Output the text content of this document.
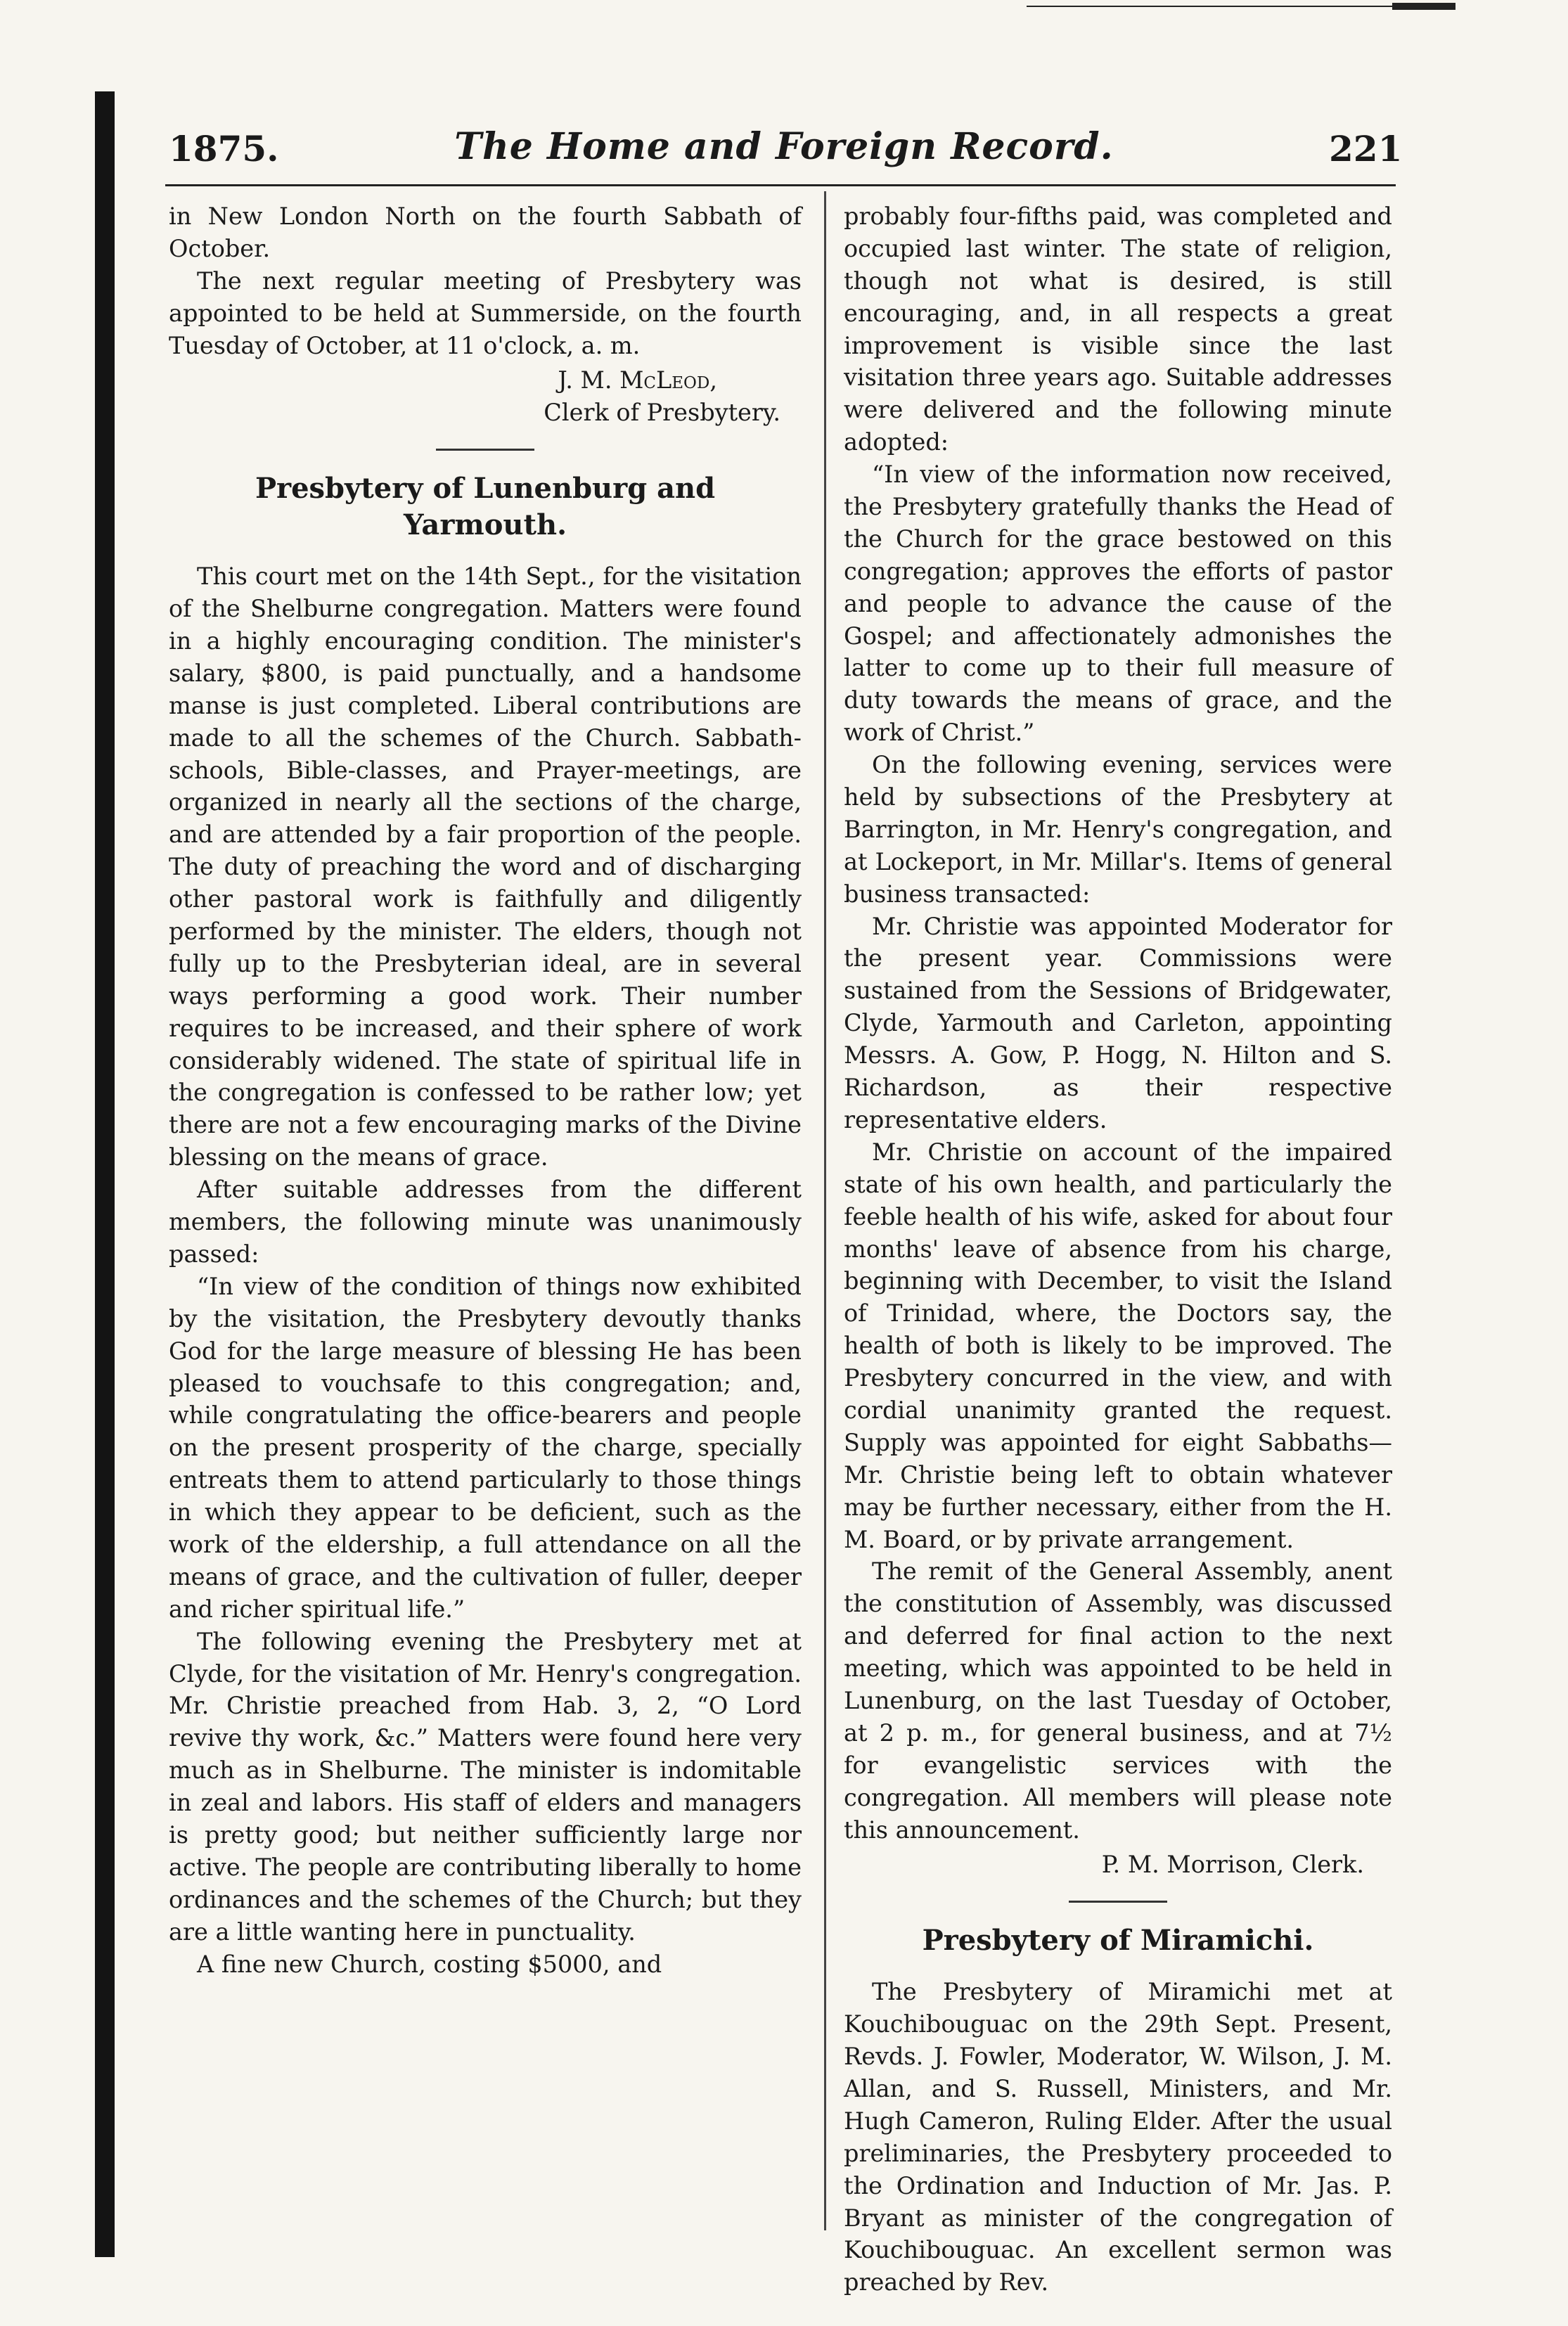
1875.	The Home and Foreign Record.	221

in New London North on the fourth Sabbath of October.

The next regular meeting of Presbytery was appointed to be held at Summerside, on the fourth Tuesday of October, at 11 o'clock, a. m.

J. M. McLeod,
Clerk of Presbytery.
Presbytery of Lunenburg and Yarmouth.

This court met on the 14th Sept., for the visitation of the Shelburne congregation. Matters were found in a highly encouraging condition. The minister's salary, $800, is paid punctually, and a handsome manse is just completed. Liberal contributions are made to all the schemes of the Church. Sabbath-schools, Bible-classes, and Prayer-meetings, are organized in nearly all the sections of the charge, and are attended by a fair proportion of the people. The duty of preaching the word and of discharging other pastoral work is faithfully and diligently performed by the minister. The elders, though not fully up to the Presbyterian ideal, are in several ways performing a good work. Their number requires to be increased, and their sphere of work considerably widened. The state of spiritual life in the congregation is confessed to be rather low; yet there are not a few encouraging marks of the Divine blessing on the means of grace.

After suitable addresses from the different members, the following minute was unanimously passed:

“In view of the condition of things now exhibited by the visitation, the Presbytery devoutly thanks God for the large measure of blessing He has been pleased to vouchsafe to this congregation; and, while congratulating the office-bearers and people on the present prosperity of the charge, specially entreats them to attend particularly to those things in which they appear to be deficient, such as the work of the eldership, a full attendance on all the means of grace, and the cultivation of fuller, deeper and richer spiritual life.”

The following evening the Presbytery met at Clyde, for the visitation of Mr. Henry's congregation. Mr. Christie preached from Hab. 3, 2, “O Lord revive thy work, &c.” Matters were found here very much as in Shelburne. The minister is indomitable in zeal and labors. His staff of elders and managers is pretty good; but neither sufficiently large nor active. The people are contributing liberally to home ordinances and the schemes of the Church; but they are a little wanting here in punctuality.

A fine new Church, costing $5000, and

probably four-fifths paid, was completed and occupied last winter. The state of religion, though not what is desired, is still encouraging, and, in all respects a great improvement is visible since the last visitation three years ago. Suitable addresses were delivered and the following minute adopted:

“In view of the information now received, the Presbytery gratefully thanks the Head of the Church for the grace bestowed on this congregation; approves the efforts of pastor and people to advance the cause of the Gospel; and affectionately admonishes the latter to come up to their full measure of duty towards the means of grace, and the work of Christ.”

On the following evening, services were held by subsections of the Presbytery at Barrington, in Mr. Henry's congregation, and at Lockeport, in Mr. Millar's. Items of general business transacted:

Mr. Christie was appointed Moderator for the present year. Commissions were sustained from the Sessions of Bridgewater, Clyde, Yarmouth and Carleton, appointing Messrs. A. Gow, P. Hogg, N. Hilton and S. Richardson, as their respective representative elders.

Mr. Christie on account of the impaired state of his own health, and particularly the feeble health of his wife, asked for about four months' leave of absence from his charge, beginning with December, to visit the Island of Trinidad, where, the Doctors say, the health of both is likely to be improved. The Presbytery concurred in the view, and with cordial unanimity granted the request. Supply was appointed for eight Sabbaths—Mr. Christie being left to obtain whatever may be further necessary, either from the H. M. Board, or by private arrangement.

The remit of the General Assembly, anent the constitution of Assembly, was discussed and deferred for final action to the next meeting, which was appointed to be held in Lunenburg, on the last Tuesday of October, at 2 p. m., for general business, and at 7½ for evangelistic services with the congregation. All members will please note this announcement.

P. M. Morrison, Clerk.
Presbytery of Miramichi.

The Presbytery of Miramichi met at Kouchibouguac on the 29th Sept. Present, Revds. J. Fowler, Moderator, W. Wilson, J. M. Allan, and S. Russell, Ministers, and Mr. Hugh Cameron, Ruling Elder. After the usual preliminaries, the Presbytery proceeded to the Ordination and Induction of Mr. Jas. P. Bryant as minister of the congregation of Kouchibouguac. An excellent sermon was preached by Rev.
